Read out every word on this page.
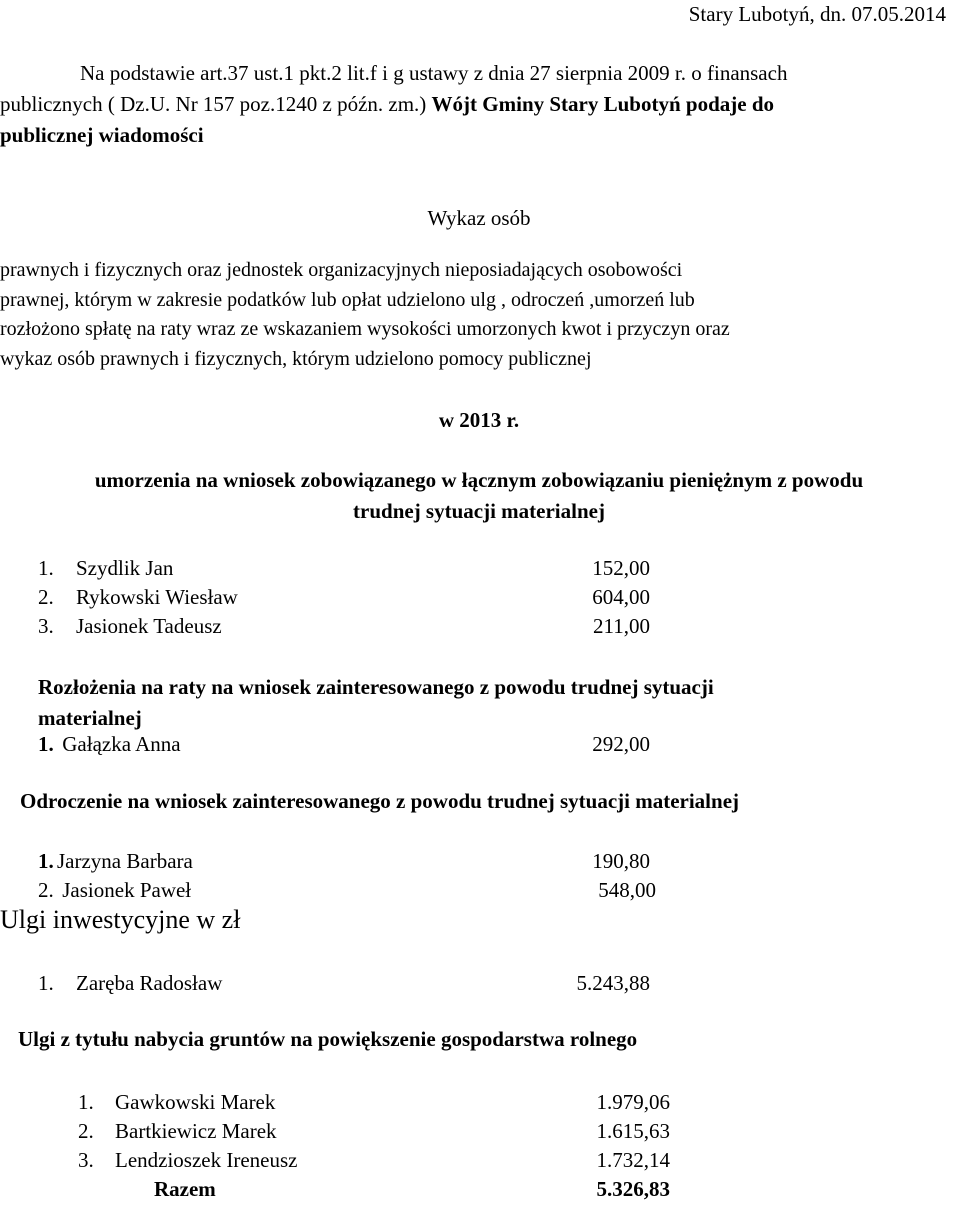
Stary Lubotyń, dn. 07.05.2014

Na podstawie art.37 ust.1 pkt.2 lit.f i g ustawy z dnia 27 sierpnia 2009 r. o finansach
publicznych ( Dz.U. Nr 157 poz.1240 z późn. zm.) Wójt Gminy Stary Lubotyń podaje do
publicznej wiadomości

Wykaz osób

prawnych i fizycznych oraz jednostek organizacyjnych nieposiadających osobowości
prawnej, którym w zakresie podatków lub opłat udzielono ulg , odroczeń ,umorzeń lub
rozłożono spłatę na raty wraz ze wskazaniem wysokości umorzonych kwot i przyczyn oraz
wykaz osób prawnych i fizycznych, którym udzielono pomocy publicznej

w 2013 r.

umorzenia na wniosek zobowiązanego w łącznym zobowiązaniu pieniężnym z powodu
trudnej sytuacji materialnej
1. Szydlik Jan	152,00
2. Rykowski Wiesław	604,00
3. Jasionek Tadeusz	211,00
Rozłożenia na raty na wniosek zainteresowanego z powodu trudnej sytuacji
materialnej
1. Gałązka Anna	292,00

Odroczenie na wniosek zainteresowanego z powodu trudnej sytuacji materialnej

1. Jarzyna Barbara	190,80
2. Jasionek Paweł	548,00

Ulgi inwestycyjne w zł

1. Zaręba Radosław	5.243,88

Ulgi z tytułu nabycia gruntów na powiększenie gospodarstwa rolnego

1. Gawkowski Marek	1.979,06
2. Bartkiewicz Marek	1.615,63
3. Lendzioszek Ireneusz	1.732,14
Razem	5.326,83
